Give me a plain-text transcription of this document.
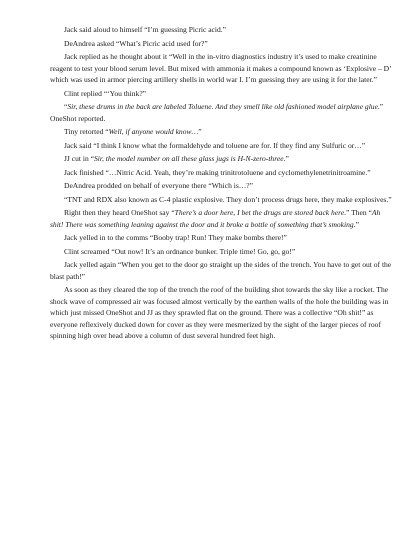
Jack said aloud to himself “I’m guessing Picric acid.”

DeAndrea asked “What’s Picric acid used for?”

Jack replied as he thought about it “Well in the in-vitro diagnostics industry it’s used to make creatinine reagent to test your blood serum level. But mixed with ammonia it makes a compound known as ‘Explosive – D’ which was used in armor piercing artillery shells in world war I. I’m guessing they are using it for the later.”

Clint replied “‘You think?”

“Sir, these drums in the back are labeled Toluene. And they smell like old fashioned model airplane glue.” OneShot reported.

Tiny retorted “Well, if anyone would know…”

Jack said “I think I know what the formaldehyde and toluene are for. If they find any Sulfuric or…”

JJ cut in “Sir, the model number on all these glass jugs is H-N-zero-three.”

Jack finished “…Nitric Acid. Yeah, they’re making trinitrotoluene and cyclomethylenetrinitroamine.”

DeAndrea prodded on behalf of everyone there “Which is…?”

“TNT and RDX also known as C-4 plastic explosive. They don’t process drugs here, they make explosives.”

Right then they heard OneShot say “There’s a door here, I bet the drugs are stored back here.” Then “Ah shit! There was something leaning against the door and it broke a bottle of something that’s smoking.”

Jack yelled in to the comms “Booby trap! Run! They make bombs there!”

Clint screamed “Out now! It’s an ordnance bunker. Triple time! Go, go, go!”

Jack yelled again “When you get to the door go straight up the sides of the trench. You have to get out of the blast path!”

As soon as they cleared the top of the trench the roof of the building shot towards the sky like a rocket. The shock wave of compressed air was focused almost vertically by the earthen walls of the hole the building was in which just missed OneShot and JJ as they sprawled flat on the ground. There was a collective “Oh shit!” as everyone reflexively ducked down for cover as they were mesmerized by the sight of the larger pieces of roof spinning high over head above a column of dust several hundred feet high.
